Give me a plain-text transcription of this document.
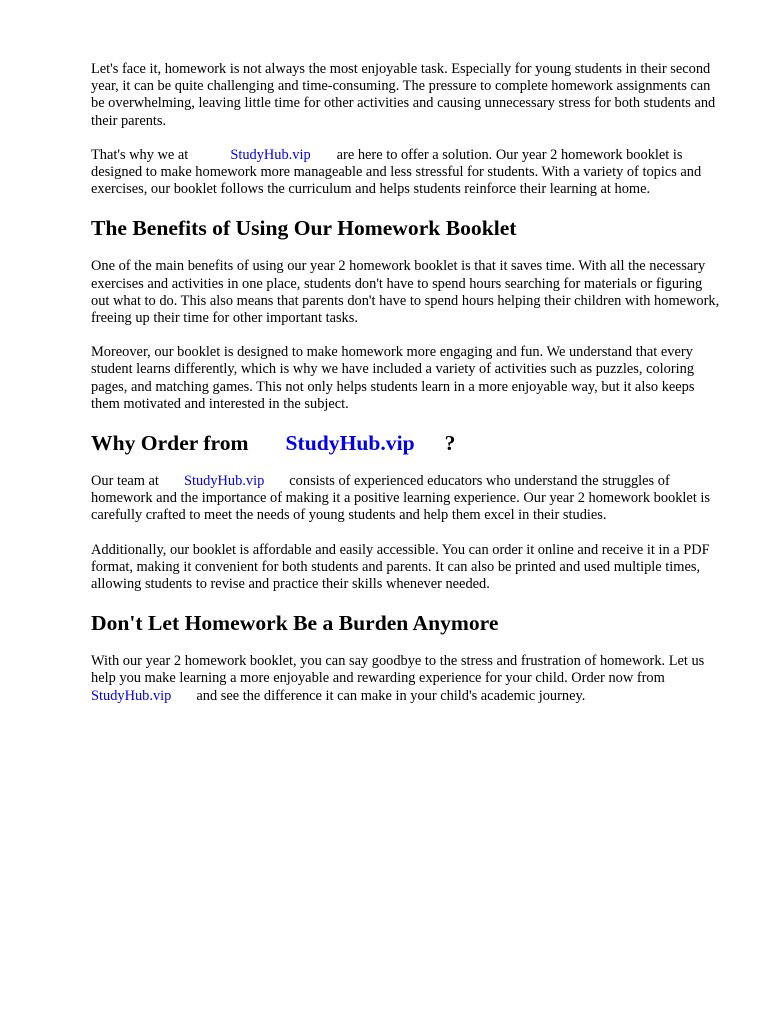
Let's face it, homework is not always the most enjoyable task. Especially for young students in their second year, it can be quite challenging and time-consuming. The pressure to complete homework assignments can be overwhelming, leaving little time for other activities and causing unnecessary stress for both students and their parents.

That's why we at	StudyHub.vip are here to offer a solution. Our year 2 homework booklet is designed to make homework more manageable and less stressful for students. With a variety of topics and exercises, our booklet follows the curriculum and helps students reinforce their learning at home.

The Benefits of Using Our Homework Booklet

One of the main benefits of using our year 2 homework booklet is that it saves time. With all the necessary exercises and activities in one place, students don't have to spend hours searching for materials or figuring out what to do. This also means that parents don't have to spend hours helping their children with homework, freeing up their time for other important tasks.

Moreover, our booklet is designed to make homework more engaging and fun. We understand that every student learns differently, which is why we have included a variety of activities such as puzzles, coloring pages, and matching games. This not only helps students learn in a more enjoyable way, but it also keeps them motivated and interested in the subject.

Why Order from StudyHub.vip ?

Our team at StudyHub.vip consists of experienced educators who understand the struggles of homework and the importance of making it a positive learning experience. Our year 2 homework booklet is carefully crafted to meet the needs of young students and help them excel in their studies.

Additionally, our booklet is affordable and easily accessible. You can order it online and receive it in a PDF format, making it convenient for both students and parents. It can also be printed and used multiple times, allowing students to revise and practice their skills whenever needed.

Don't Let Homework Be a Burden Anymore

With our year 2 homework booklet, you can say goodbye to the stress and frustration of homework. Let us help you make learning a more enjoyable and rewarding experience for your child. Order now fromStudyHub.vip and see the difference it can make in your child's academic journey.
